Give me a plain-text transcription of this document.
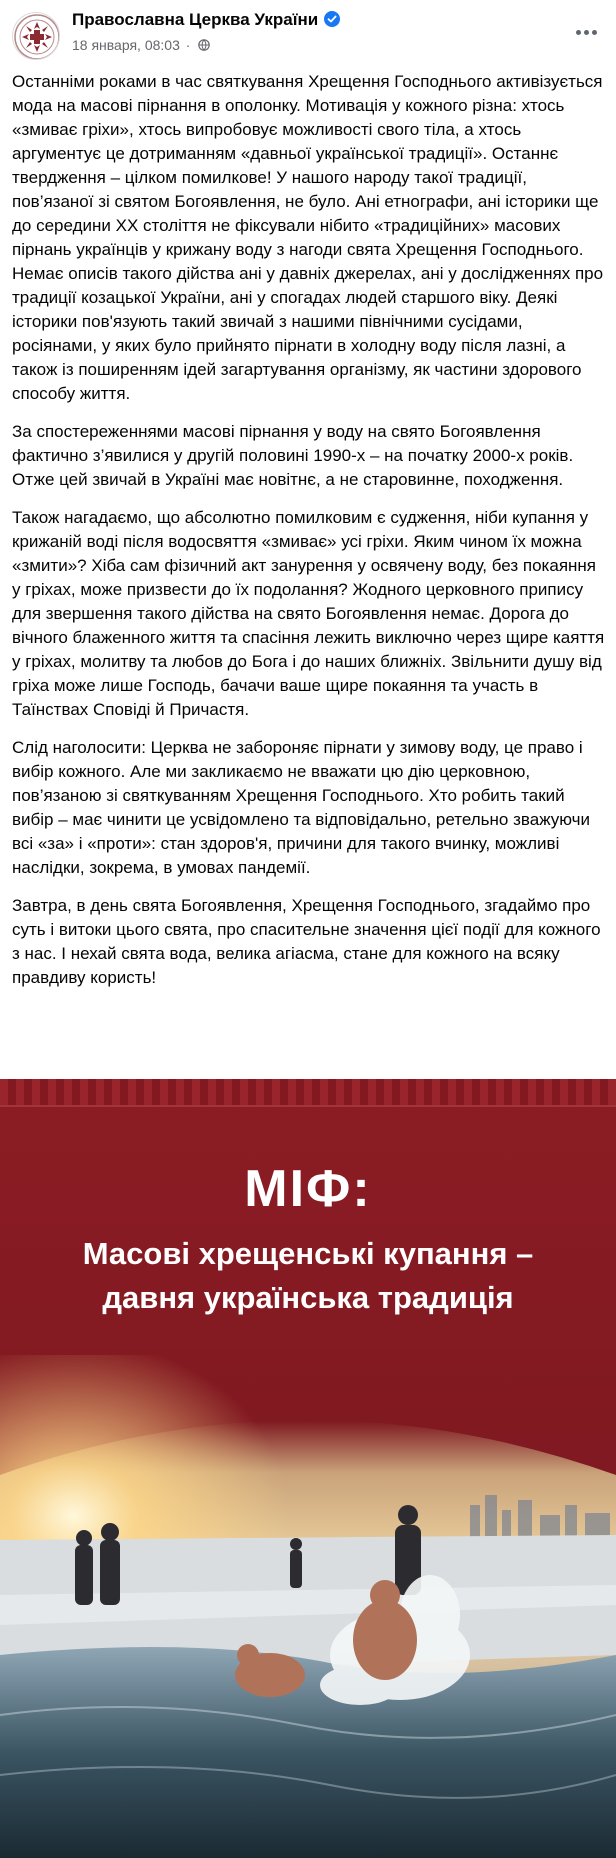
Православна Церква України
18 января, 08:03 ·

Останніми роками в час святкування Хрещення Господнього активізується мода на масові пірнання в ополонку. Мотивація у кожного різна: хтось «змиває гріхи», хтось випробовує можливості свого тіла, а хтось аргументує це дотриманням «давньої української традиції». Останнє твердження – цілком помилкове! У нашого народу такої традиції, пов’язаної зі святом Богоявлення, не було. Ані етнографи, ані історики ще до середини XX століття не фіксували нібито «традиційних» масових пірнань українців у крижану воду з нагоди свята Хрещення Господнього. Немає описів такого дійства ані у давніх джерелах, ані у дослідженнях про традиції козацької України, ані у спогадах людей старшого віку. Деякі історики пов'язують такий звичай з нашими північними сусідами, росіянами, у яких було прийнято пірнати в холодну воду після лазні, а також із поширенням ідей загартування організму, як частини здорового способу життя.

За спостереженнями масові пірнання у воду на свято Богоявлення фактично з’явилися у другій половині 1990-х – на початку 2000-х років. Отже цей звичай в Україні має новітнє, а не старовинне, походження.

Також нагадаємо, що абсолютно помилковим є судження, ніби купання у крижаній воді після водосвяття «змиває» усі гріхи. Яким чином їх можна «змити»? Хіба сам фізичний акт занурення у освячену воду, без покаяння у гріхах, може призвести до їх подолання? Жодного церковного припису для звершення такого дійства на свято Богоявлення немає. Дорога до вічного блаженного життя та спасіння лежить виключно через щире каяття у гріхах, молитву та любов до Бога і до наших ближніх. Звільнити душу від гріха може лише Господь, бачачи ваше щире покаяння та участь в Таїнствах Сповіді й Причастя.

Слід наголосити: Церква не забороняє пірнати у зимову воду, це право і вибір кожного. Але ми закликаємо не вважати цю дію церковною, пов’язаною зі святкуванням Хрещення Господнього. Хто робить такий вибір – має чинити це усвідомлено та відповідально, ретельно зважуючи всі «за» і «проти»: стан здоров'я, причини для такого вчинку, можливі наслідки, зокрема, в умовах пандемії.

Завтра, в день свята Богоявлення, Хрещення Господнього, згадаймо про суть і витоки цього свята, про спасительне значення цієї події для кожного з нас. І нехай свята вода, велика агіасма, стане для кожного на всяку правдиву користь!

МІФ:
Масові хрещенські купання –
давня українська традиція
